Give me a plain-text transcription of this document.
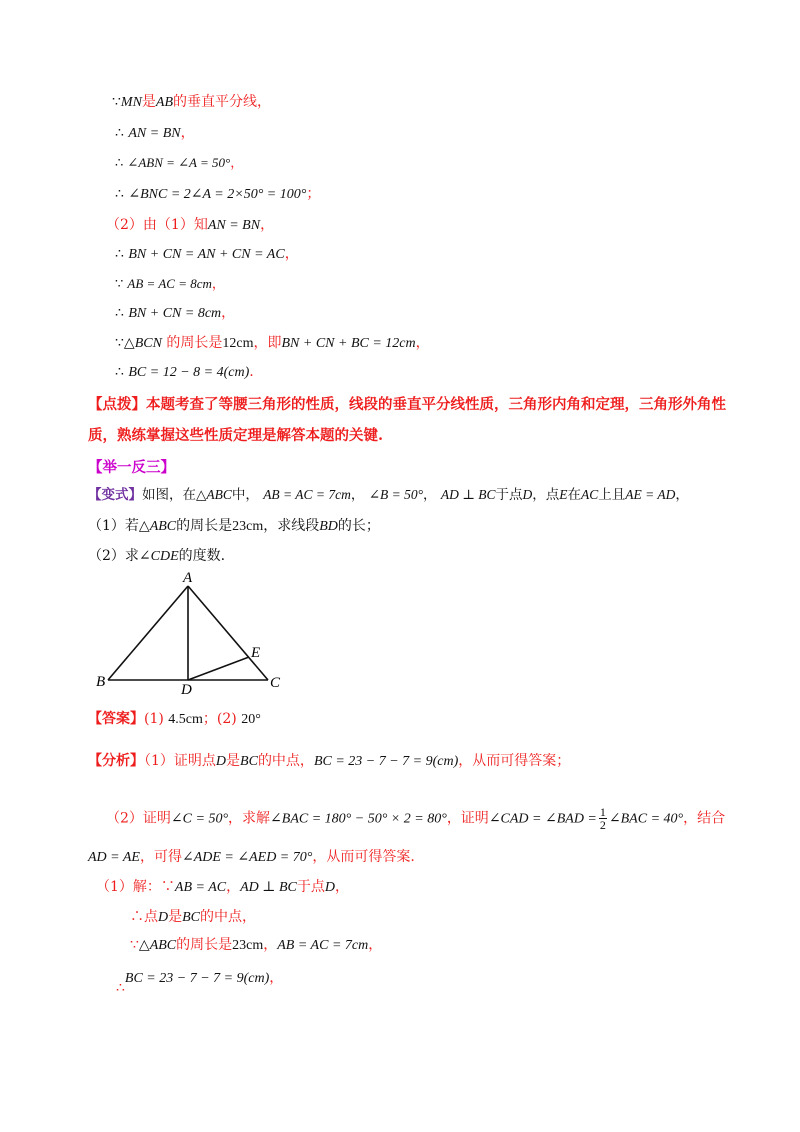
∵MN是AB的垂直平分线，
∴ AN = BN，
∴ ∠ABN = ∠A = 50°，
∴ ∠BNC = 2∠A = 2×50° = 100°；
（2）由（1）知AN = BN，
∴ BN + CN = AN + CN = AC，
∵ AB = AC = 8cm，
∴ BN + CN = 8cm，
∵△BCN 的周长是12cm，即BN + CN + BC = 12cm，
∴ BC = 12 − 8 = 4(cm).
【点拨】本题考查了等腰三角形的性质，线段的垂直平分线性质，三角形内角和定理，三角形外角性
质，熟练掌握这些性质定理是解答本题的关键.
【举一反三】
【变式】如图，在△ABC中， AB = AC = 7cm， ∠B = 50°， AD ⊥ BC于点D，点E在AC上且AE = AD，
（1）若△ABC的周长是23cm，求线段BD的长；
（2）求∠CDE的度数.
A
B	C
D
E
【答案】(1) 4.5cm；(2) 20°
【分析】（1）证明点D是BC的中点，BC = 23 − 7 − 7 = 9(cm)，从而可得答案；
（2）证明∠C = 50°，求解∠BAC = 180° − 50° × 2 = 80°，证明∠CAD = ∠BAD = $\frac{1}{2}$ ∠BAC = 40°，结合
AD = AE，可得∠ADE = ∠AED = 70°，从而可得答案.
（1）解：∵AB = AC，AD ⊥ BC于点D，
∴点D是BC的中点，
∵△ABC的周长是23cm，AB = AC = 7cm，
∴BC = 23 − 7 − 7 = 9(cm)，
